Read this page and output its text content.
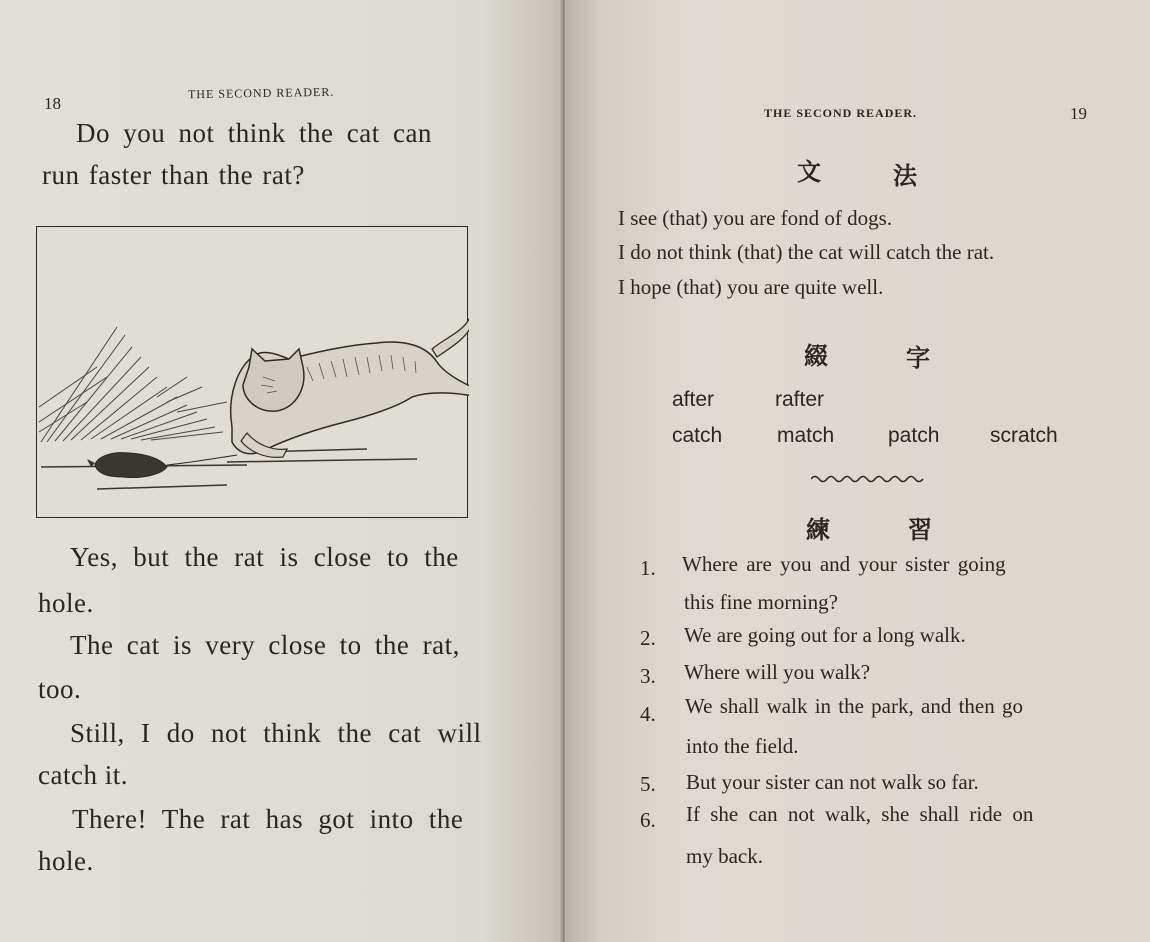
18
THE SECOND READER.
Do you not think the cat can
run faster than the rat?
Yes, but the rat is close to the
hole.
The cat is very close to the rat,
too.
Still, I do not think the cat will
catch it.
There! The rat has got into the
hole.
THE SECOND READER.	19
文	法
I see (that) you are fond of dogs.
I do not think (that) the cat will catch the rat.
I hope (that) you are quite well.
綴	字
after	rafter
catch	match	patch scratch
練	習
1. Where are you and your sister going
this fine morning?
2. We are going out for a long walk.
3. Where will you walk?
4. We shall walk in the park, and then go
into the field.
5. But your sister can not walk so far.
6. If she can not walk, she shall ride on
my back.
